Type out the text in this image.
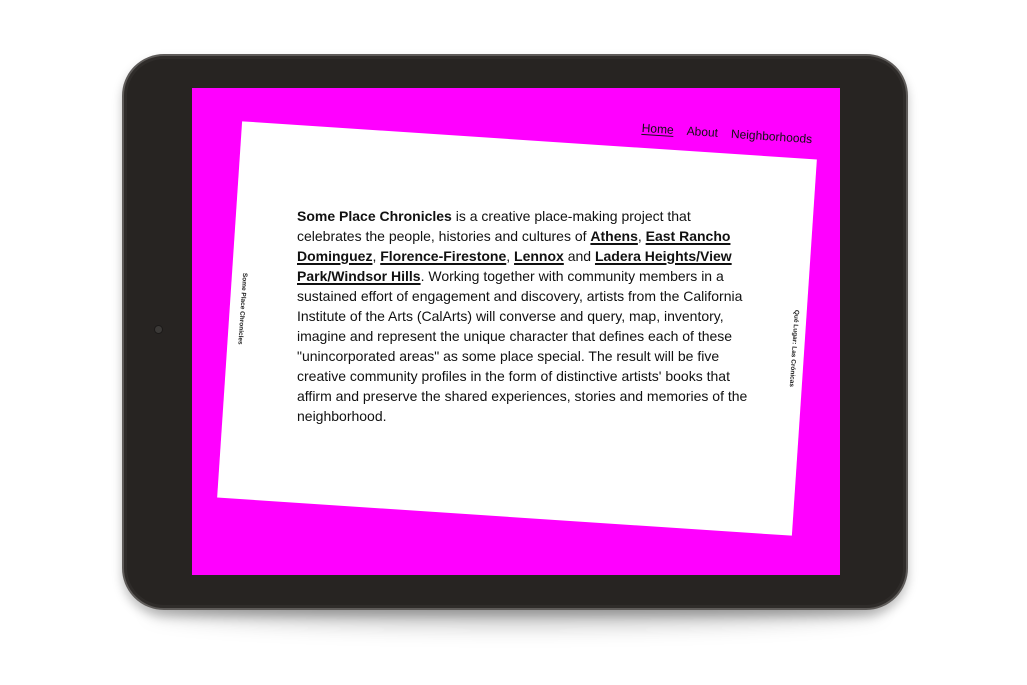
Home About Neighborhoods
Some Place Chronicles
Qué Lugar: Las Crónicas

Some Place Chronicles is a creative place-making project that celebrates the people, histories and cultures of Athens, East Rancho Dominguez, Florence-Firestone, Lennox and Ladera Heights/View Park/Windsor Hills. Working together with community members in a sustained effort of engagement and discovery, artists from the California Institute of the Arts (CalArts) will converse and query, map, inventory, imagine and represent the unique character that defines each of these "unincorporated areas" as some place special. The result will be five creative community profiles in the form of distinctive artists' books that affirm and preserve the shared experiences, stories and memories of the neighborhood.
